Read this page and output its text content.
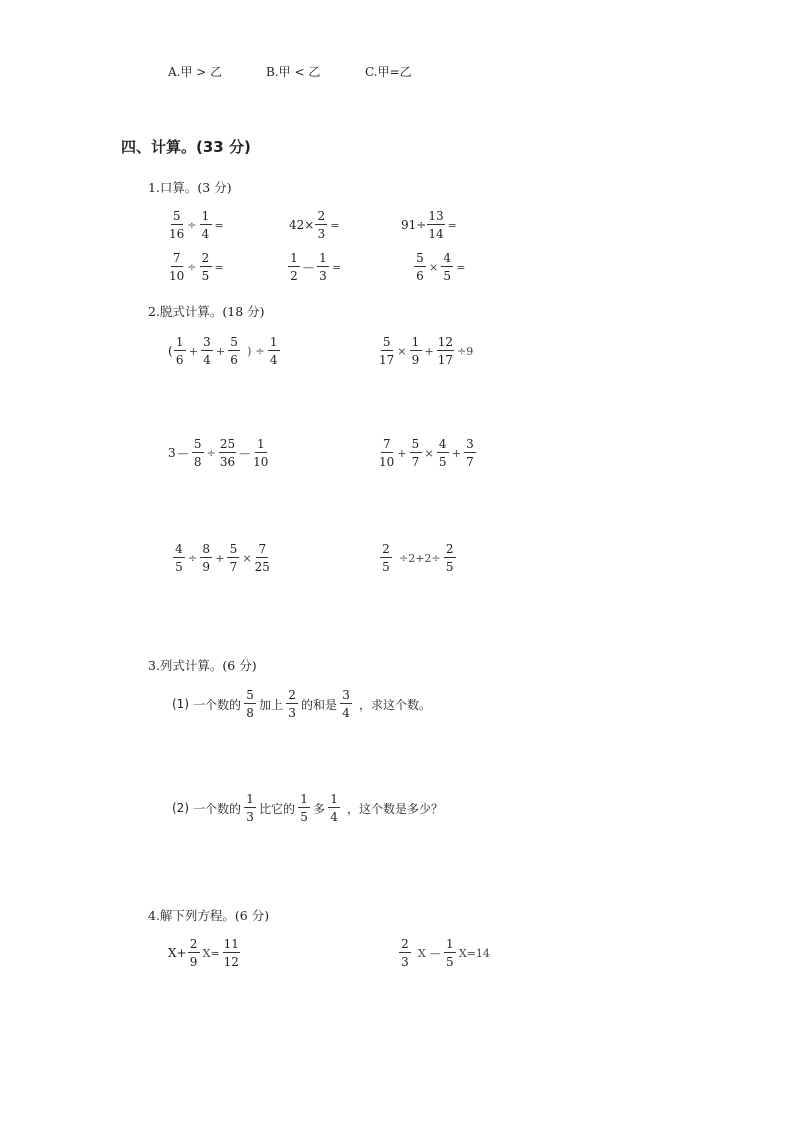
A.甲 > 乙	B.甲 < 乙	C.甲=乙
四、计算。(33 分)
1.口算。(3 分)
$\frac{5}{16} \div \frac{1}{4}$ =	$42\times \frac{2}{3}$ =	$91\div \frac{13}{14}$ =
$\frac{7}{10} \div \frac{2}{5}$ =	$\frac{1}{2}$ — $\frac{1}{3}$ =	$\frac{5}{6} \times \frac{4}{5}$ =
2.脱式计算。(18 分)
( $\frac{1}{6} + \frac{3}{4} + \frac{5}{6}$ ) ÷ $\frac{1}{4}$	$\frac{5}{17} \times \frac{1}{9} + \frac{12}{17} \div 9$
3 — $\frac{5}{8} \div \frac{25}{36}$ — $\frac{1}{10}$	$\frac{7}{10} + \frac{5}{7} \times \frac{4}{5} + \frac{3}{7}$
$\frac{4}{5} \div \frac{8}{9} + \frac{5}{7} \times \frac{7}{25}$	$\frac{2}{5} \div 2+2\div \frac{2}{5}$
3.列式计算。(6 分)
(1) 一个数的 $\frac{5}{8}$ 加上 $\frac{2}{3}$ 的和是 $\frac{3}{4}$ ，求这个数。
(2) 一个数的 $\frac{1}{3}$ 比它的 $\frac{1}{5}$ 多 $\frac{1}{4}$ ，这个数是多少？
4.解下列方程。(6 分)
$X+ \frac{2}{9} X= \frac{11}{12}$	$\frac{2}{3}$ X — $\frac{1}{5} X=14$
